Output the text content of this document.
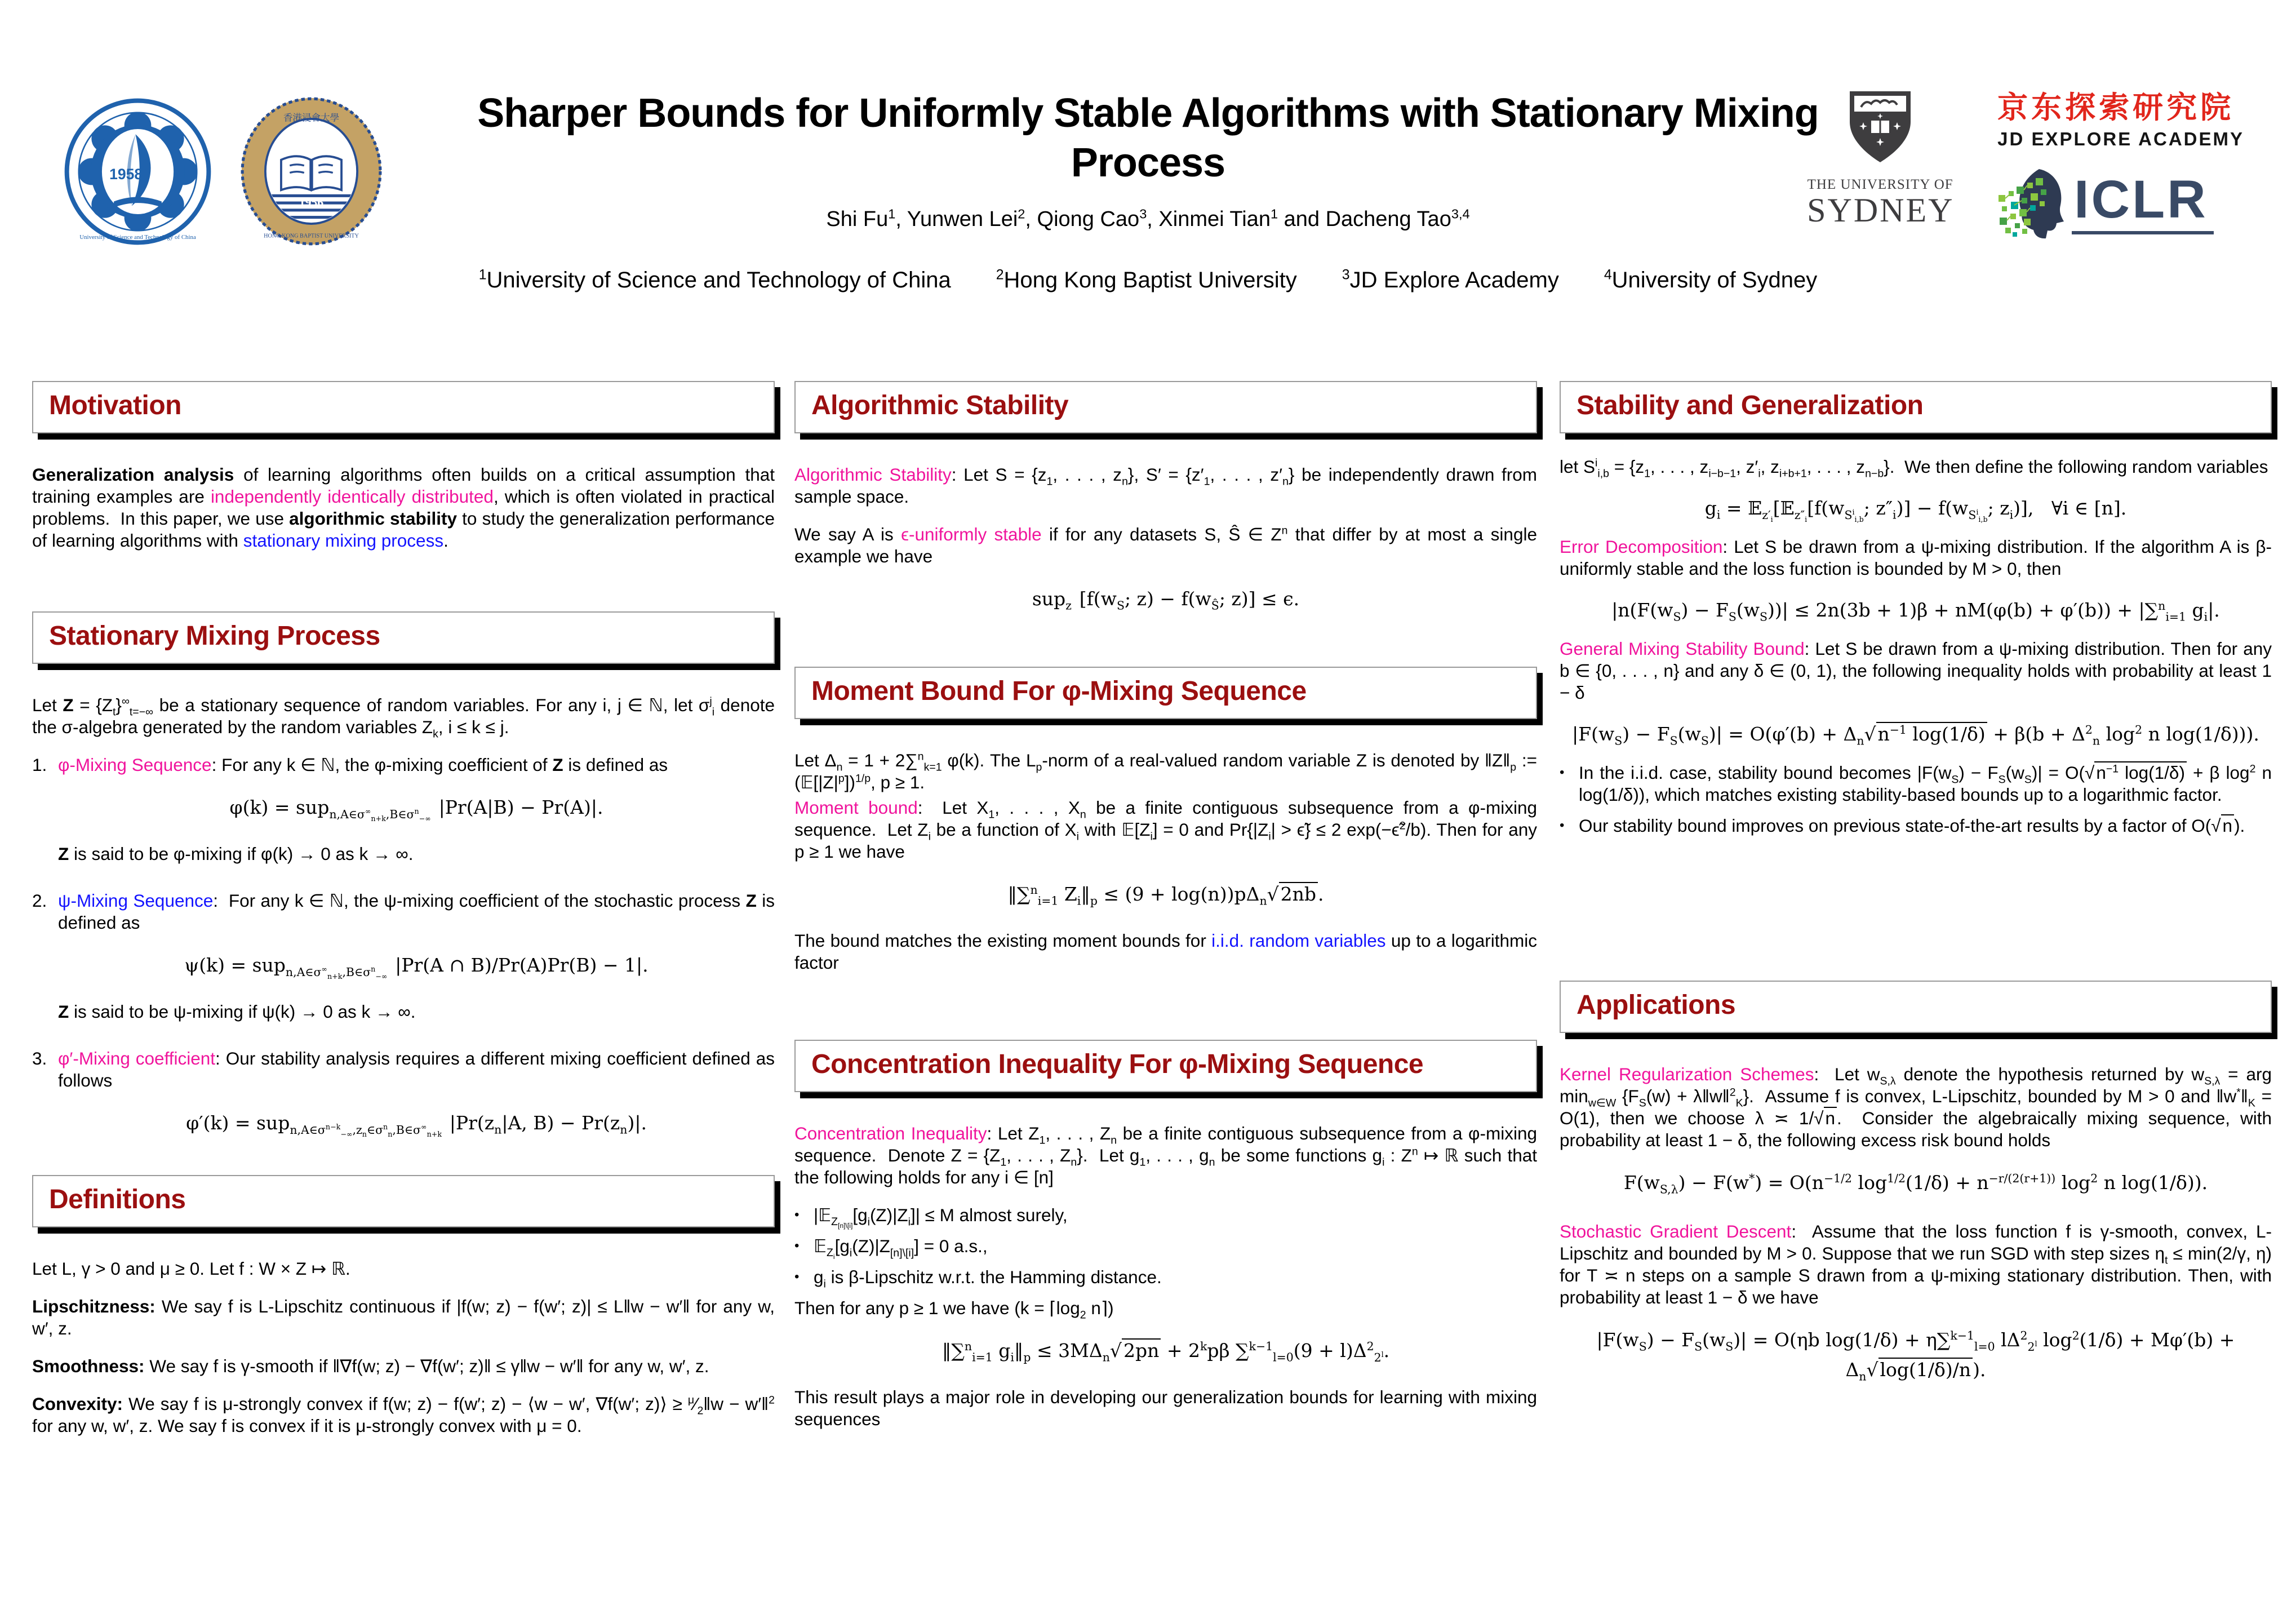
1958
University of Science and Technology of China
1956
香港浸會大學
HONG KONG BAPTIST UNIVERSITY
Sharper Bounds for Uniformly Stable Algorithms with Stationary Mixing Process
Shi Fu$^1$, Yunwen Lei$^2$, Qiong Cao$^3$, Xinmei Tian$^1$ and Dacheng Tao$^{3,4}$
$^1$University of Science and Technology of China  $^2$Hong Kong Baptist University  $^3$JD Explore Academy  $^4$University of Sydney
THE UNIVERSITY OF
SYDNEY
京东探索研究院
JD EXPLORE ACADEMY
ICLR
Motivation

Generalization analysis of learning algorithms often builds on a critical assumption that training examples are independently identically distributed, which is often violated in practical problems.  In this paper, we use algorithmic stability to study the generalization performance of learning algorithms with stationary mixing process.

Stationary Mixing Process

Let $Z = \{Z_t\}^\infty_{t=-\infty}$ be a stationary sequence of random variables. For any i, j ∈ ℕ, let $\sigma^j_i$ denote the σ-algebra generated by the random variables $Z_k$, i ≤ k ≤ j.

1. φ-Mixing Sequence: For any k ∈ ℕ, the φ-mixing coefficient of Z is defined as

φ(k) = sup$_{n,A\in\sigma^\infty_{n+k},B\in\sigma^n_{-\infty}}$  |Pr(A|B) − Pr(A)|.

Z is said to be φ-mixing if φ(k) → 0 as k → ∞.

2. ψ-Mixing Sequence:  For any k ∈ ℕ, the ψ-mixing coefficient of the stochastic process Z is defined as

ψ(k) = sup$_{n,A\in\sigma^\infty_{n+k},B\in\sigma^n_{-\infty}}$  |Pr(A ∩ B)/Pr(A)Pr(B) − 1|.

Z is said to be ψ-mixing if ψ(k) → 0 as k → ∞.

3. φ′-Mixing coefficient: Our stability analysis requires a different mixing coefficient defined as follows

φ′(k) = sup$_{n,A\in\sigma^{n-k}_{-\infty},z_n\in\sigma^n_n,B\in\sigma^\infty_{n+k}}$  $|Pr(z_n|A$, $B) - Pr(z_n)|$.
Definitions

Let L, γ > 0 and μ ≥ 0. Let f : W × Z ↦ ℝ.

Lipschitzness: We say f is L-Lipschitz continuous if |f(w; z) − f(w′; z)| ≤ L‖w − w′‖ for any w, w′, z.

Smoothness: We say f is γ-smooth if ‖∇f(w; z) − ∇f(w′; z)‖ ≤ γ‖w − w′‖ for any w, w′, z.

Convexity: We say f is μ-strongly convex if f(w; z) − f(w′; z) − ⟨w − w′, ∇f(w′; z)⟩ ≥ $^\mu⁄_2‖w$ − w′‖$^2$ for any w, w′, z. We say f is convex if it is μ-strongly convex with μ = 0.

Algorithmic Stability

Algorithmic Stability: Let $S = \{z_1$, . . . , $z_n$}, $S' = \{z'_1$, . . . , $z'_n$} be independently drawn from sample space.

We say A is ϵ-uniformly stable if for any datasets S, Ŝ ∈ $Z^n$ that differ by at most a single example we have

sup$_z$  [$f(w_S$; $z) - f(w_Ŝ$; z)] ≤ ϵ.
Moment Bound For φ-Mixing Sequence

Let $\Delta_n = 1 + 2\sum^n_{k=1}$ φ(k). The $L_p$-norm of a real-valued random variable Z is denoted by $‖Z‖_p$ := $(𝔼[|Z|^p])^{1/p}$, p ≥ 1.

Moment bound:  Let $X_1$, . . . , $X_n$ be a finite contiguous subsequence from a φ-mixing sequence.  Let $Z_i$ be a function of $X_i$ with $𝔼[Z_i] = 0$ and $Pr\{|Z_i|$ > ϵ̃} ≤ 2 exp(−ϵ̃$^2$/b). Then for any p ≥ 1 we have

‖∑$^n_{i=1}$ $Z_i‖_p \le (9 + \log(n))p\Delta_n√2nb$.

The bound matches the existing moment bounds for i.i.d. random variables up to a logarithmic factor

Concentration Inequality For φ-Mixing Sequence

Concentration Inequality: Let $Z_1$, . . . , $Z_n$ be a finite contiguous subsequence from a φ-mixing sequence.  Denote $Z = \{Z_1$, . . . , $Z_n$}.  Let $g_1$, . . . , $g_n$ be some functions $g_i$ : $Z^n$ ↦ ℝ such that the following holds for any i ∈ [n]

• $|𝔼_{Z_{[n]\backslash[i]}}[g_i(Z)|Z_i]| \le M$ almost surely,

• $𝔼_{Z_i}[g_i(Z)|Z_{[n]\backslash[i]}] = 0$ a.s.,

• $g_i$ is β-Lipschitz w.r.t. the Hamming distance.

Then for any p ≥ 1 we have ($k = ⌈\log_2$ n⌉)

‖∑$^n_{i=1}$ $g_i‖_p \le 3M\Delta_n√2pn + 2^kp\beta$ $\sum^{k-1}_{l=0}(9 + l)\Delta^2_{2^l}$.

This result plays a major role in developing our generalization bounds for learning with mixing sequences

Stability and Generalization

let $S^i_{i,b} = \{z_1$, . . . , $z_{i-b-1}$, $z'_i$, $z_{i+b+1}$, . . . , $z_{n-b}$}.  We then define the following random variables

$g_i$ = $𝔼_{z'_i}[𝔼_{z''_i}[f(w_{S^i_{i,b}}$; $z''_i)] - f(w_{S^i_{i,b}}$; $z_i$)],   ∀i ∈ [n].

Error Decomposition: Let S be drawn from a ψ-mixing distribution. If the algorithm A is β-uniformly stable and the loss function is bounded by M > 0, then

$|n(F(w_S) - F_S(w_S))| \le 2n(3b + 1)\beta + nM(\varphi(b) + \varphi'(b)) + |\sum^n_{i=1}$ $g_i|$.

General Mixing Stability Bound: Let S be drawn from a ψ-mixing distribution. Then for any b ∈ {0, . . . , n} and any δ ∈ (0, 1), the following inequality holds with probability at least 1 − δ

$|F(w_S) - F_S(w_S)| = O(\varphi'(b) + \Delta_n√n^{-1}$ $\log(1/\delta) + \beta(b + \Delta^2_n$ $\log^2 n$ log(1/δ))).
• In the i.i.d. case, stability bound becomes $|F(w_S) - F_S(w_S)| = O(√n^{-1}$ log(1/δ) + β $\log^2 n$ log(1/δ)), which matches existing stability-based bounds up to a logarithmic factor.

• Our stability bound improves on previous state-of-the-art results by a factor of O(√n).

Applications

Kernel Regularization Schemes:  Let $w_{S,\lambda}$ denote the hypothesis returned by $w_{S,\lambda}$ = arg $\min_{w\in W} \{F_S(w)$ + λ‖w‖$^2_K$}.  Assume f is convex, L-Lipschitz, bounded by M > 0 and $‖w^*‖_K = O(1)$, then we choose λ ≍ 1/√n.  Consider the algebraically mixing sequence, with probability at least 1 − δ, the following excess risk bound holds

$F(w_{S,\lambda}) - F(w^*) = O(n^{-1/2}$ $\log^{1/2}(1/\delta) + n^{-r/(2(r+1))}$ $\log^2 n$ log(1/δ)).

Stochastic Gradient Descent:  Assume that the loss function f is γ-smooth, convex, L-Lipschitz and bounded by M > 0. Suppose that we run SGD with step sizes $\eta_t \le \min(2/\gamma$, η) for T ≍ n steps on a sample S drawn from a ψ-mixing stationary distribution. Then, with probability at least 1 − δ we have

$|F(w_S) - F_S(w_S)| = O(\eta b$ log(1/δ) + η∑$^{k-1}_{l=0}$ $l\Delta^2_{2^l}$ $\log^2(1/\delta) + M\varphi'(b) + \Delta_n√\log(1/\delta)/n$).
